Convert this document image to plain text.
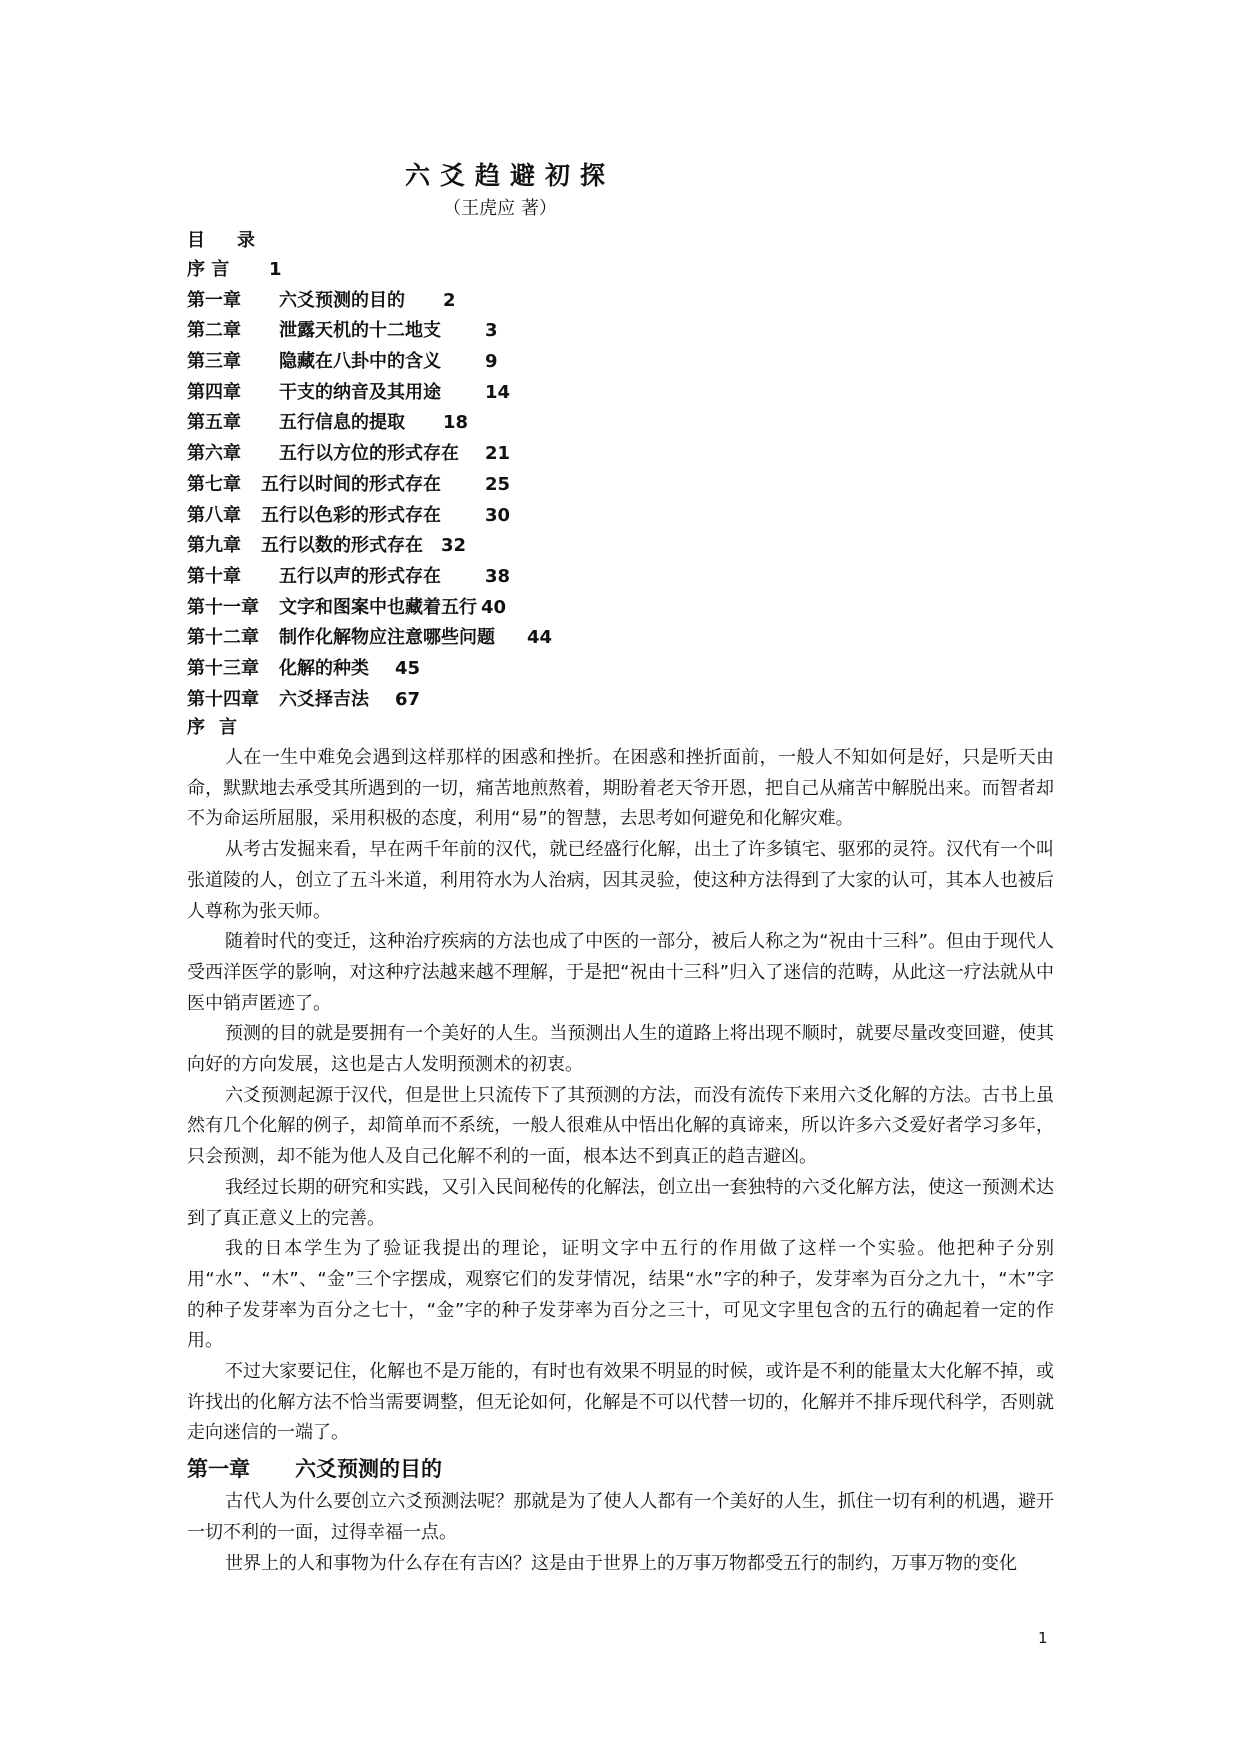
六爻趋避初探
（王虎应 著）
目录
序 言 1
第一章 六爻预测的目的 2
第二章 泄露天机的十二地支 3
第三章 隐藏在八卦中的含义 9
第四章 干支的纳音及其用途 14
第五章 五行信息的提取 18
第六章 五行以方位的形式存在 21
第七章 五行以时间的形式存在 25
第八章 五行以色彩的形式存在 30
第九章 五行以数的形式存在 32
第十章 五行以声的形式存在 38
第十一章 文字和图案中也藏着五行 40
第十二章 制作化解物应注意哪些问题 44
第十三章 化解的种类 45
第十四章 六爻择吉法 67
序言

人在一生中难免会遇到这样那样的困惑和挫折。在困惑和挫折面前，一般人不知如何是好，只是听天由命，默默地去承受其所遇到的一切，痛苦地煎熬着，期盼着老天爷开恩，把自己从痛苦中解脱出来。而智者却不为命运所屈服，采用积极的态度，利用“易”的智慧，去思考如何避免和化解灾难。

从考古发掘来看，早在两千年前的汉代，就已经盛行化解，出土了许多镇宅、驱邪的灵符。汉代有一个叫张道陵的人，创立了五斗米道，利用符水为人治病，因其灵验，使这种方法得到了大家的认可，其本人也被后人尊称为张天师。

随着时代的变迁，这种治疗疾病的方法也成了中医的一部分，被后人称之为“祝由十三科”。但由于现代人受西洋医学的影响，对这种疗法越来越不理解，于是把“祝由十三科”归入了迷信的范畴，从此这一疗法就从中医中销声匿迹了。

预测的目的就是要拥有一个美好的人生。当预测出人生的道路上将出现不顺时，就要尽量改变回避，使其向好的方向发展，这也是古人发明预测术的初衷。

六爻预测起源于汉代，但是世上只流传下了其预测的方法，而没有流传下来用六爻化解的方法。古书上虽然有几个化解的例子，却简单而不系统，一般人很难从中悟出化解的真谛来，所以许多六爻爱好者学习多年，只会预测，却不能为他人及自己化解不利的一面，根本达不到真正的趋吉避凶。

我经过长期的研究和实践，又引入民间秘传的化解法，创立出一套独特的六爻化解方法，使这一预测术达到了真正意义上的完善。

我的日本学生为了验证我提出的理论，证明文字中五行的作用做了这样一个实验。他把种子分别用“水”、“木”、“金”三个字摆成，观察它们的发芽情况，结果“水”字的种子，发芽率为百分之九十，“木”字的种子发芽率为百分之七十，“金”字的种子发芽率为百分之三十，可见文字里包含的五行的确起着一定的作用。

不过大家要记住，化解也不是万能的，有时也有效果不明显的时候，或许是不利的能量太大化解不掉，或许找出的化解方法不恰当需要调整，但无论如何，化解是不可以代替一切的，化解并不排斥现代科学，否则就走向迷信的一端了。

第一章 六爻预测的目的

古代人为什么要创立六爻预测法呢？那就是为了使人人都有一个美好的人生，抓住一切有利的机遇，避开一切不利的一面，过得幸福一点。

世界上的人和事物为什么存在有吉凶？这是由于世界上的万事万物都受五行的制约，万事万物的变化

1
